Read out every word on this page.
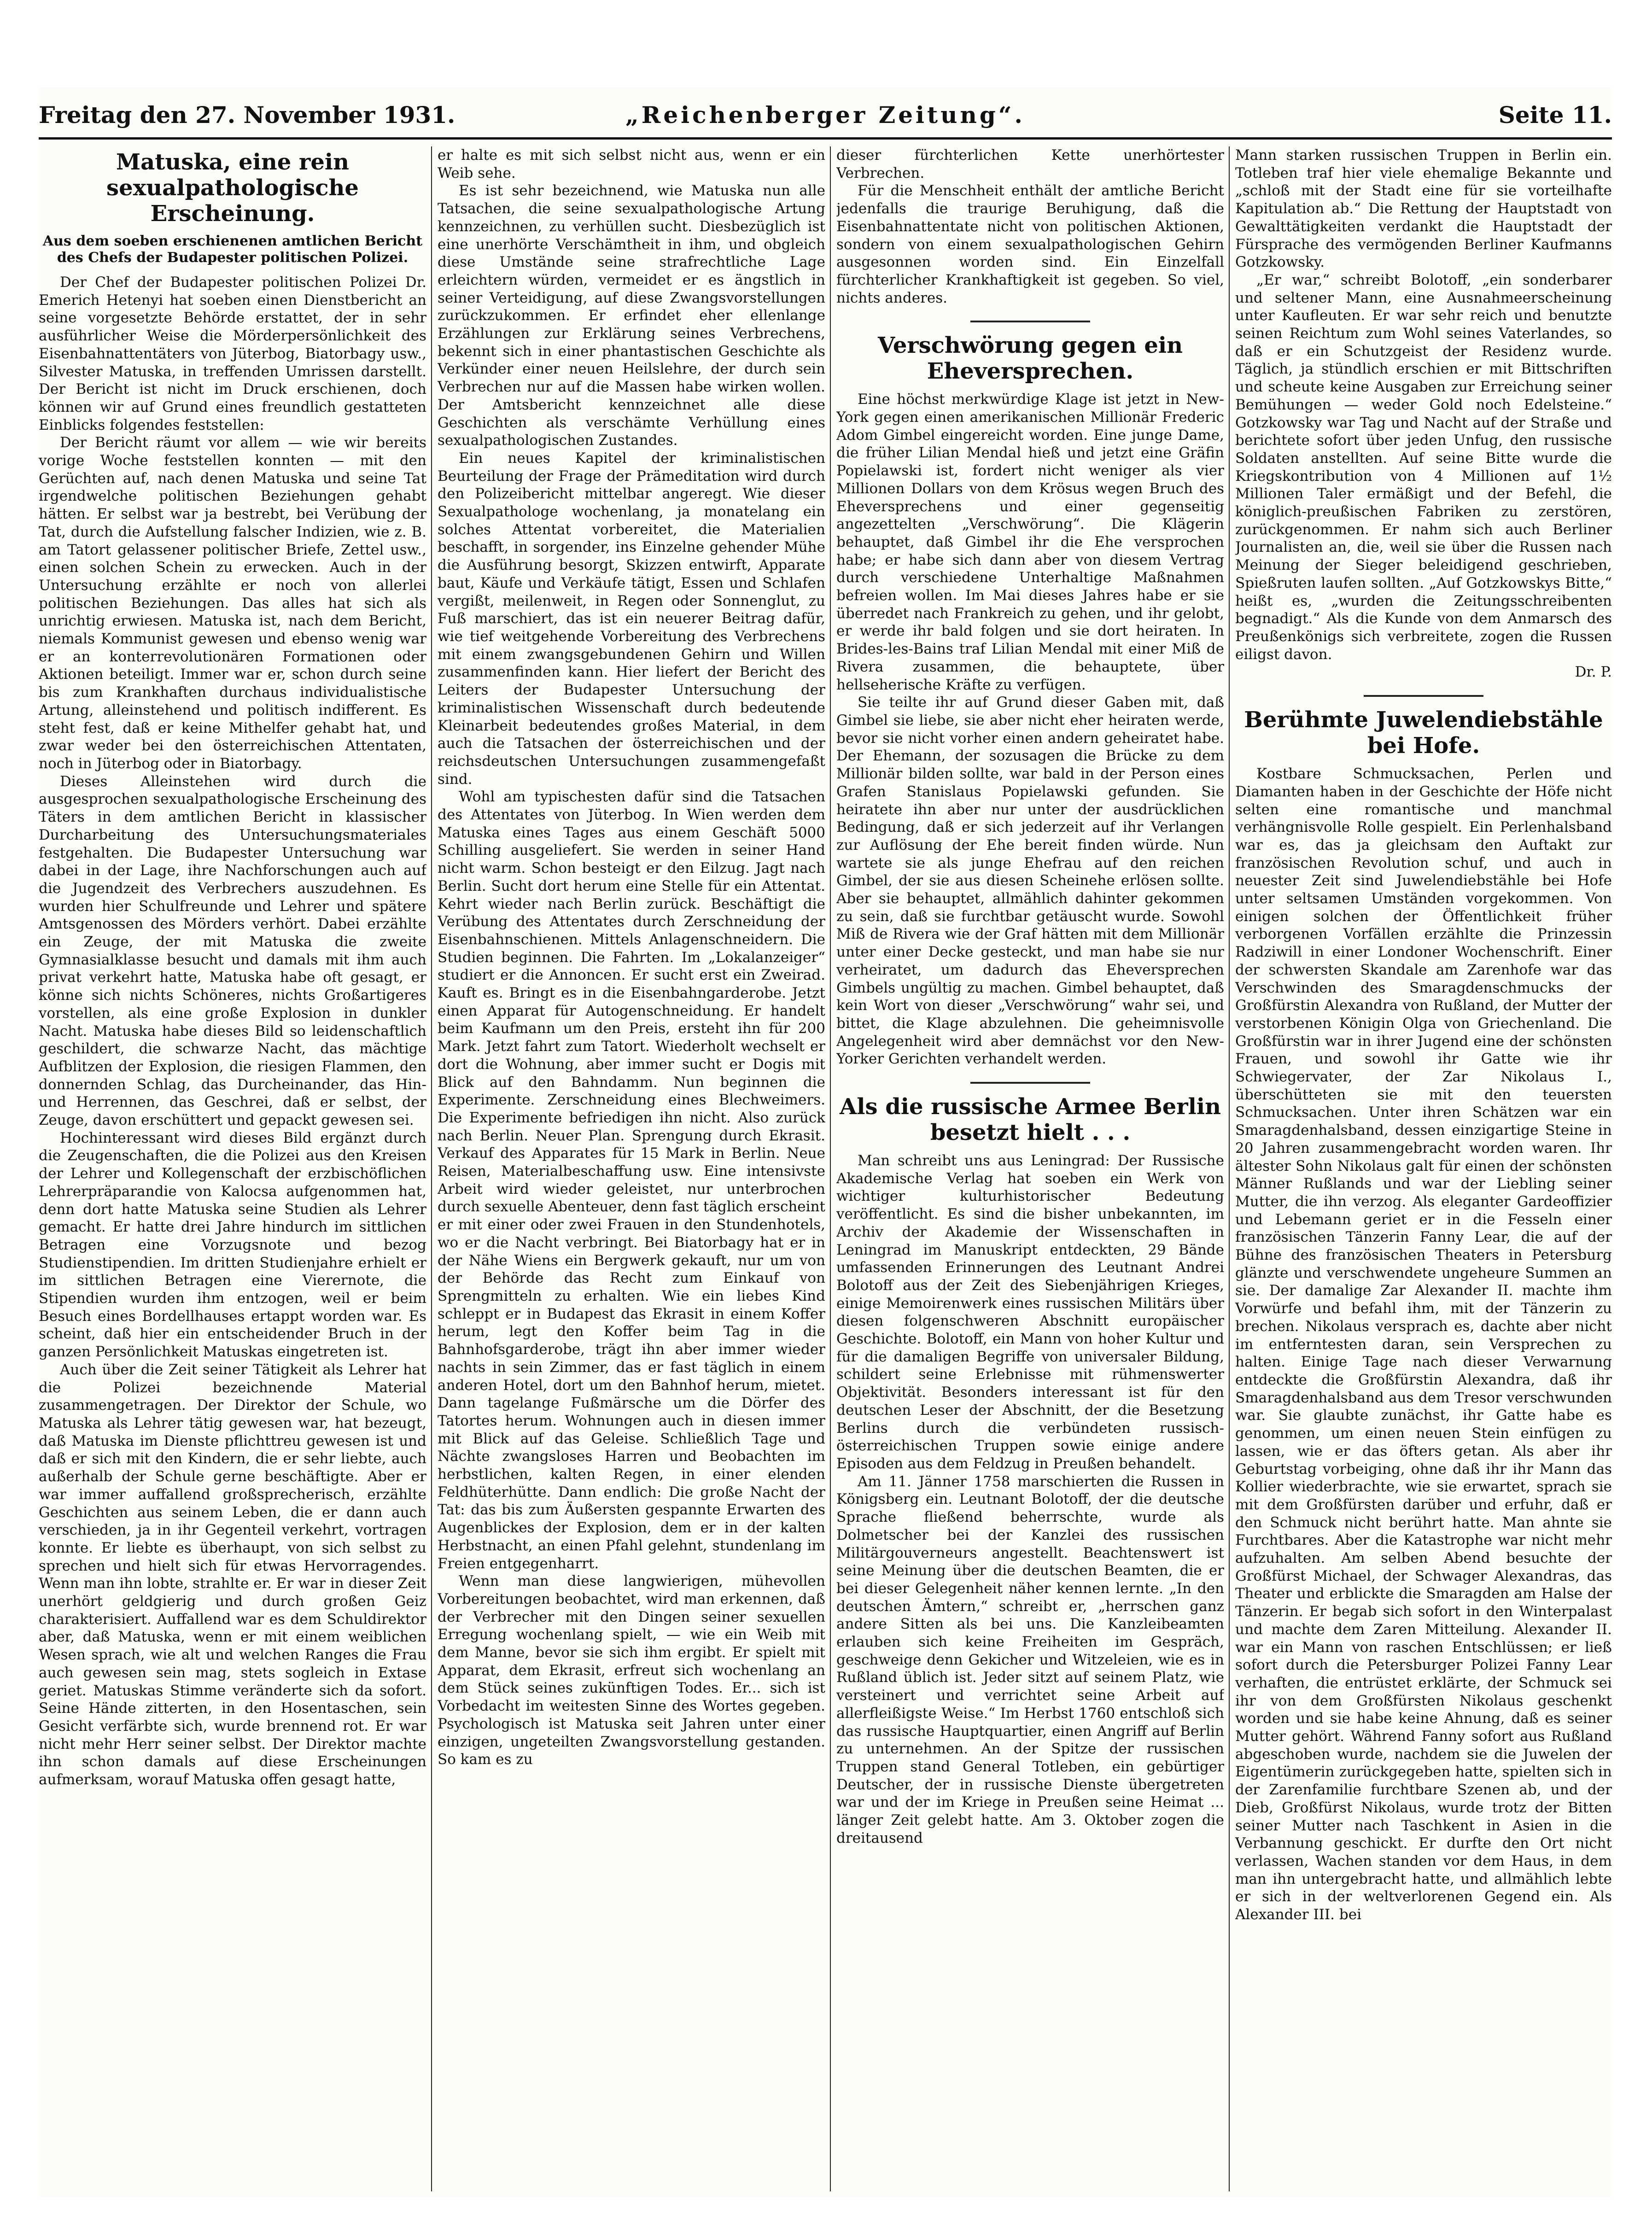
Freitag den 27. November 1931.	„Reichenberger Zeitung“.	Seite 11.
Matuska, eine rein sexualpathologische Erscheinung.
Aus dem soeben erschienenen amtlichen Bericht des Chefs der Budapester politischen Polizei.

Der Chef der Budapester politischen Polizei Dr. Emerich Hetenyi hat soeben einen Dienstbericht an seine vorgesetzte Behörde erstattet, der in sehr ausführlicher Weise die Mörderpersönlichkeit des Eisenbahnattentäters von Jüterbog, Biatorbagy usw., Silvester Matuska, in treffenden Umrissen darstellt. Der Bericht ist nicht im Druck erschienen, doch können wir auf Grund eines freundlich gestatteten Einblicks folgendes feststellen:

Der Bericht räumt vor allem — wie wir bereits vorige Woche feststellen konnten — mit den Gerüchten auf, nach denen Matuska und seine Tat irgendwelche politischen Beziehungen gehabt hätten. Er selbst war ja bestrebt, bei Verübung der Tat, durch die Aufstellung falscher Indizien, wie z. B. am Tatort gelassener politischer Briefe, Zettel usw., einen solchen Schein zu erwecken. Auch in der Untersuchung erzählte er noch von allerlei politischen Beziehungen. Das alles hat sich als unrichtig erwiesen. Matuska ist, nach dem Bericht, niemals Kommunist gewesen und ebenso wenig war er an konterrevolutionären Formationen oder Aktionen beteiligt. Immer war er, schon durch seine bis zum Krankhaften durchaus individualistische Artung, alleinstehend und politisch indifferent. Es steht fest, daß er keine Mithelfer gehabt hat, und zwar weder bei den österreichischen Attentaten, noch in Jüterbog oder in Biatorbagy.

Dieses Alleinstehen wird durch die ausgesprochen sexualpathologische Erscheinung des Täters in dem amtlichen Bericht in klassischer Durcharbeitung des Untersuchungsmateriales festgehalten. Die Budapester Untersuchung war dabei in der Lage, ihre Nachforschungen auch auf die Jugendzeit des Verbrechers auszudehnen. Es wurden hier Schulfreunde und Lehrer und spätere Amtsgenossen des Mörders verhört. Dabei erzählte ein Zeuge, der mit Matuska die zweite Gymnasialklasse besucht und damals mit ihm auch privat verkehrt hatte, Matuska habe oft gesagt, er könne sich nichts Schöneres, nichts Großartigeres vorstellen, als eine große Explosion in dunkler Nacht. Matuska habe dieses Bild so leidenschaftlich geschildert, die schwarze Nacht, das mächtige Aufblitzen der Explosion, die riesigen Flammen, den donnernden Schlag, das Durcheinander, das Hin- und Herrennen, das Geschrei, daß er selbst, der Zeuge, davon erschüttert und gepackt gewesen sei.

Hochinteressant wird dieses Bild ergänzt durch die Zeugenschaften, die die Polizei aus den Kreisen der Lehrer und Kollegenschaft der erzbischöflichen Lehrerpräparandie von Kalocsa aufgenommen hat, denn dort hatte Matuska seine Studien als Lehrer gemacht. Er hatte drei Jahre hindurch im sittlichen Betragen eine Vorzugsnote und bezog Studienstipendien. Im dritten Studienjahre erhielt er im sittlichen Betragen eine Vierernote, die Stipendien wurden ihm entzogen, weil er beim Besuch eines Bordellhauses ertappt worden war. Es scheint, daß hier ein entscheidender Bruch in der ganzen Persönlichkeit Matuskas eingetreten ist.

Auch über die Zeit seiner Tätigkeit als Lehrer hat die Polizei bezeichnende Material zusammengetragen. Der Direktor der Schule, wo Matuska als Lehrer tätig gewesen war, hat bezeugt, daß Matuska im Dienste pflichttreu gewesen ist und daß er sich mit den Kindern, die er sehr liebte, auch außerhalb der Schule gerne beschäftigte. Aber er war immer auffallend großsprecherisch, erzählte Geschichten aus seinem Leben, die er dann auch verschieden, ja in ihr Gegenteil verkehrt, vortragen konnte. Er liebte es überhaupt, von sich selbst zu sprechen und hielt sich für etwas Hervorragendes. Wenn man ihn lobte, strahlte er. Er war in dieser Zeit unerhört geldgierig und durch großen Geiz charakterisiert. Auffallend war es dem Schuldirektor aber, daß Matuska, wenn er mit einem weiblichen Wesen sprach, wie alt und welchen Ranges die Frau auch gewesen sein mag, stets sogleich in Extase geriet. Matuskas Stimme veränderte sich da sofort. Seine Hände zitterten, in den Hosentaschen, sein Gesicht verfärbte sich, wurde brennend rot. Er war nicht mehr Herr seiner selbst. Der Direktor machte ihn schon damals auf diese Erscheinungen aufmerksam, worauf Matuska offen gesagt hatte,

er halte es mit sich selbst nicht aus, wenn er ein Weib sehe.

Es ist sehr bezeichnend, wie Matuska nun alle Tatsachen, die seine sexualpathologische Artung kennzeichnen, zu verhüllen sucht. Diesbezüglich ist eine unerhörte Verschämtheit in ihm, und obgleich diese Umstände seine strafrechtliche Lage erleichtern würden, vermeidet er es ängstlich in seiner Verteidigung, auf diese Zwangsvorstellungen zurückzukommen. Er erfindet eher ellenlange Erzählungen zur Erklärung seines Verbrechens, bekennt sich in einer phantastischen Geschichte als Verkünder einer neuen Heilslehre, der durch sein Verbrechen nur auf die Massen habe wirken wollen. Der Amtsbericht kennzeichnet alle diese Geschichten als verschämte Verhüllung eines sexualpathologischen Zustandes.

Ein neues Kapitel der kriminalistischen Beurteilung der Frage der Prämeditation wird durch den Polizeibericht mittelbar angeregt. Wie dieser Sexualpathologe wochenlang, ja monatelang ein solches Attentat vorbereitet, die Materialien beschafft, in sorgender, ins Einzelne gehender Mühe die Ausführung besorgt, Skizzen entwirft, Apparate baut, Käufe und Verkäufe tätigt, Essen und Schlafen vergißt, meilenweit, in Regen oder Sonnenglut, zu Fuß marschiert, das ist ein neuerer Beitrag dafür, wie tief weitgehende Vorbereitung des Verbrechens mit einem zwangsgebundenen Gehirn und Willen zusammenfinden kann. Hier liefert der Bericht des Leiters der Budapester Untersuchung der kriminalistischen Wissenschaft durch bedeutende Kleinarbeit bedeutendes großes Material, in dem auch die Tatsachen der österreichischen und der reichsdeutschen Untersuchungen zusammengefaßt sind.

Wohl am typischesten dafür sind die Tatsachen des Attentates von Jüterbog. In Wien werden dem Matuska eines Tages aus einem Geschäft 5000 Schilling ausgeliefert. Sie werden in seiner Hand nicht warm. Schon besteigt er den Eilzug. Jagt nach Berlin. Sucht dort herum eine Stelle für ein Attentat. Kehrt wieder nach Berlin zurück. Beschäftigt die Verübung des Attentates durch Zerschneidung der Eisenbahnschienen. Mittels Anlagenschneidern. Die Studien beginnen. Die Fahrten. Im „Lokalanzeiger“ studiert er die Annoncen. Er sucht erst ein Zweirad. Kauft es. Bringt es in die Eisenbahngarderobe. Jetzt einen Apparat für Autogenschneidung. Er handelt beim Kaufmann um den Preis, ersteht ihn für 200 Mark. Jetzt fahrt zum Tatort. Wiederholt wechselt er dort die Wohnung, aber immer sucht er Dogis mit Blick auf den Bahndamm. Nun beginnen die Experimente. Zerschneidung eines Blechweimers. Die Experimente befriedigen ihn nicht. Also zurück nach Berlin. Neuer Plan. Sprengung durch Ekrasit. Verkauf des Apparates für 15 Mark in Berlin. Neue Reisen, Materialbeschaffung usw. Eine intensivste Arbeit wird wieder geleistet, nur unterbrochen durch sexuelle Abenteuer, denn fast täglich erscheint er mit einer oder zwei Frauen in den Stundenhotels, wo er die Nacht verbringt. Bei Biatorbagy hat er in der Nähe Wiens ein Bergwerk gekauft, nur um von der Behörde das Recht zum Einkauf von Sprengmitteln zu erhalten. Wie ein liebes Kind schleppt er in Budapest das Ekrasit in einem Koffer herum, legt den Koffer beim Tag in die Bahnhofsgarderobe, trägt ihn aber immer wieder nachts in sein Zimmer, das er fast täglich in einem anderen Hotel, dort um den Bahnhof herum, mietet. Dann tagelange Fußmärsche um die Dörfer des Tatortes herum. Wohnungen auch in diesen immer mit Blick auf das Geleise. Schließlich Tage und Nächte zwangsloses Harren und Beobachten im herbstlichen, kalten Regen, in einer elenden Feldhüterhütte. Dann endlich: Die große Nacht der Tat: das bis zum Äußersten gespannte Erwarten des Augenblickes der Explosion, dem er in der kalten Herbstnacht, an einen Pfahl gelehnt, stundenlang im Freien entgegenharrt.

Wenn man diese langwierigen, mühevollen Vorbereitungen beobachtet, wird man erkennen, daß der Verbrecher mit den Dingen seiner sexuellen Erregung wochenlang spielt, — wie ein Weib mit dem Manne, bevor sie sich ihm ergibt. Er spielt mit Apparat, dem Ekrasit, erfreut sich wochenlang an dem Stück seines zukünftigen Todes. Er... sich ist Vorbedacht im weitesten Sinne des Wortes gegeben. Psychologisch ist Matuska seit Jahren unter einer einzigen, ungeteilten Zwangsvorstellung gestanden. So kam es zu

dieser fürchterlichen Kette unerhörtester Verbrechen.

Für die Menschheit enthält der amtliche Bericht jedenfalls die traurige Beruhigung, daß die Eisenbahnattentate nicht von politischen Aktionen, sondern von einem sexualpathologischen Gehirn ausgesonnen worden sind. Ein Einzelfall fürchterlicher Krankhaftigkeit ist gegeben. So viel, nichts anderes.

Verschwörung gegen ein Eheversprechen.

Eine höchst merkwürdige Klage ist jetzt in New-York gegen einen amerikanischen Millionär Frederic Adom Gimbel eingereicht worden. Eine junge Dame, die früher Lilian Mendal hieß und jetzt eine Gräfin Popielawski ist, fordert nicht weniger als vier Millionen Dollars von dem Krösus wegen Bruch des Eheversprechens und einer gegenseitig angezettelten „Verschwörung“. Die Klägerin behauptet, daß Gimbel ihr die Ehe versprochen habe; er habe sich dann aber von diesem Vertrag durch verschiedene Unterhaltige Maßnahmen befreien wollen. Im Mai dieses Jahres habe er sie überredet nach Frankreich zu gehen, und ihr gelobt, er werde ihr bald folgen und sie dort heiraten. In Brides-les-Bains traf Lilian Mendal mit einer Miß de Rivera zusammen, die behauptete, über hellseherische Kräfte zu verfügen.

Sie teilte ihr auf Grund dieser Gaben mit, daß Gimbel sie liebe, sie aber nicht eher heiraten werde, bevor sie nicht vorher einen andern geheiratet habe. Der Ehemann, der sozusagen die Brücke zu dem Millionär bilden sollte, war bald in der Person eines Grafen Stanislaus Popielawski gefunden. Sie heiratete ihn aber nur unter der ausdrücklichen Bedingung, daß er sich jederzeit auf ihr Verlangen zur Auflösung der Ehe bereit finden würde. Nun wartete sie als junge Ehefrau auf den reichen Gimbel, der sie aus diesen Scheinehe erlösen sollte. Aber sie behauptet, allmählich dahinter gekommen zu sein, daß sie furchtbar getäuscht wurde. Sowohl Miß de Rivera wie der Graf hätten mit dem Millionär unter einer Decke gesteckt, und man habe sie nur verheiratet, um dadurch das Eheversprechen Gimbels ungültig zu machen. Gimbel behauptet, daß kein Wort von dieser „Verschwörung“ wahr sei, und bittet, die Klage abzulehnen. Die geheimnisvolle Angelegenheit wird aber demnächst vor den New-Yorker Gerichten verhandelt werden.

Als die russische Armee Berlin besetzt hielt . . .

Man schreibt uns aus Leningrad: Der Russische Akademische Verlag hat soeben ein Werk von wichtiger kulturhistorischer Bedeutung veröffentlicht. Es sind die bisher unbekannten, im Archiv der Akademie der Wissenschaften in Leningrad im Manuskript entdeckten, 29 Bände umfassenden Erinnerungen des Leutnant Andrei Bolotoff aus der Zeit des Siebenjährigen Krieges, einige Memoirenwerk eines russischen Militärs über diesen folgenschweren Abschnitt europäischer Geschichte. Bolotoff, ein Mann von hoher Kultur und für die damaligen Begriffe von universaler Bildung, schildert seine Erlebnisse mit rühmenswerter Objektivität. Besonders interessant ist für den deutschen Leser der Abschnitt, der die Besetzung Berlins durch die verbündeten russisch-österreichischen Truppen sowie einige andere Episoden aus dem Feldzug in Preußen behandelt.

Am 11. Jänner 1758 marschierten die Russen in Königsberg ein. Leutnant Bolotoff, der die deutsche Sprache fließend beherrschte, wurde als Dolmetscher bei der Kanzlei des russischen Militärgouverneurs angestellt. Beachtenswert ist seine Meinung über die deutschen Beamten, die er bei dieser Gelegenheit näher kennen lernte. „In den deutschen Ämtern,“ schreibt er, „herrschen ganz andere Sitten als bei uns. Die Kanzleibeamten erlauben sich keine Freiheiten im Gespräch, geschweige denn Gekicher und Witzeleien, wie es in Rußland üblich ist. Jeder sitzt auf seinem Platz, wie versteinert und verrichtet seine Arbeit auf allerfleißigste Weise.“ Im Herbst 1760 entschloß sich das russische Hauptquartier, einen Angriff auf Berlin zu unternehmen. An der Spitze der russischen Truppen stand General Totleben, ein gebürtiger Deutscher, der in russische Dienste übergetreten war und der im Kriege in Preußen seine Heimat ... länger Zeit gelebt hatte. Am 3. Oktober zogen die dreitausend

Mann starken russischen Truppen in Berlin ein. Totleben traf hier viele ehemalige Bekannte und „schloß mit der Stadt eine für sie vorteilhafte Kapitulation ab.“ Die Rettung der Hauptstadt von Gewalttätigkeiten verdankt die Hauptstadt der Fürsprache des vermögenden Berliner Kaufmanns Gotzkowsky.

„Er war,“ schreibt Bolotoff, „ein sonderbarer und seltener Mann, eine Ausnahmeerscheinung unter Kaufleuten. Er war sehr reich und benutzte seinen Reichtum zum Wohl seines Vaterlandes, so daß er ein Schutzgeist der Residenz wurde. Täglich, ja stündlich erschien er mit Bittschriften und scheute keine Ausgaben zur Erreichung seiner Bemühungen — weder Gold noch Edelsteine.“ Gotzkowsky war Tag und Nacht auf der Straße und berichtete sofort über jeden Unfug, den russische Soldaten anstellten. Auf seine Bitte wurde die Kriegskontribution von 4 Millionen auf 1½ Millionen Taler ermäßigt und der Befehl, die königlich-preußischen Fabriken zu zerstören, zurückgenommen. Er nahm sich auch Berliner Journalisten an, die, weil sie über die Russen nach Meinung der Sieger beleidigend geschrieben, Spießruten laufen sollten. „Auf Gotzkowskys Bitte,“ heißt es, „wurden die Zeitungsschreibenten begnadigt.“ Als die Kunde von dem Anmarsch des Preußenkönigs sich verbreitete, zogen die Russen eiligst davon.

Dr. P.
Berühmte Juwelendiebstähle bei Hofe.

Kostbare Schmucksachen, Perlen und Diamanten haben in der Geschichte der Höfe nicht selten eine romantische und manchmal verhängnisvolle Rolle gespielt. Ein Perlenhalsband war es, das ja gleichsam den Auftakt zur französischen Revolution schuf, und auch in neuester Zeit sind Juwelendiebstähle bei Hofe unter seltsamen Umständen vorgekommen. Von einigen solchen der Öffentlichkeit früher verborgenen Vorfällen erzählte die Prinzessin Radziwill in einer Londoner Wochenschrift. Einer der schwersten Skandale am Zarenhofe war das Verschwinden des Smaragdenschmucks der Großfürstin Alexandra von Rußland, der Mutter der verstorbenen Königin Olga von Griechenland. Die Großfürstin war in ihrer Jugend eine der schönsten Frauen, und sowohl ihr Gatte wie ihr Schwiegervater, der Zar Nikolaus I., überschütteten sie mit den teuersten Schmucksachen. Unter ihren Schätzen war ein Smaragdenhalsband, dessen einzigartige Steine in 20 Jahren zusammengebracht worden waren. Ihr ältester Sohn Nikolaus galt für einen der schönsten Männer Rußlands und war der Liebling seiner Mutter, die ihn verzog. Als eleganter Gardeoffizier und Lebemann geriet er in die Fesseln einer französischen Tänzerin Fanny Lear, die auf der Bühne des französischen Theaters in Petersburg glänzte und verschwendete ungeheure Summen an sie. Der damalige Zar Alexander II. machte ihm Vorwürfe und befahl ihm, mit der Tänzerin zu brechen. Nikolaus versprach es, dachte aber nicht im entferntesten daran, sein Versprechen zu halten. Einige Tage nach dieser Verwarnung entdeckte die Großfürstin Alexandra, daß ihr Smaragdenhalsband aus dem Tresor verschwunden war. Sie glaubte zunächst, ihr Gatte habe es genommen, um einen neuen Stein einfügen zu lassen, wie er das öfters getan. Als aber ihr Geburtstag vorbeiging, ohne daß ihr ihr Mann das Kollier wiederbrachte, wie sie erwartet, sprach sie mit dem Großfürsten darüber und erfuhr, daß er den Schmuck nicht berührt hatte. Man ahnte sie Furchtbares. Aber die Katastrophe war nicht mehr aufzuhalten. Am selben Abend besuchte der Großfürst Michael, der Schwager Alexandras, das Theater und erblickte die Smaragden am Halse der Tänzerin. Er begab sich sofort in den Winterpalast und machte dem Zaren Mitteilung. Alexander II. war ein Mann von raschen Entschlüssen; er ließ sofort durch die Petersburger Polizei Fanny Lear verhaften, die entrüstet erklärte, der Schmuck sei ihr von dem Großfürsten Nikolaus geschenkt worden und sie habe keine Ahnung, daß es seiner Mutter gehört. Während Fanny sofort aus Rußland abgeschoben wurde, nachdem sie die Juwelen der Eigentümerin zurückgegeben hatte, spielten sich in der Zarenfamilie furchtbare Szenen ab, und der Dieb, Großfürst Nikolaus, wurde trotz der Bitten seiner Mutter nach Taschkent in Asien in die Verbannung geschickt. Er durfte den Ort nicht verlassen, Wachen standen vor dem Haus, in dem man ihn untergebracht hatte, und allmählich lebte er sich in der weltverlorenen Gegend ein. Als Alexander III. bei
